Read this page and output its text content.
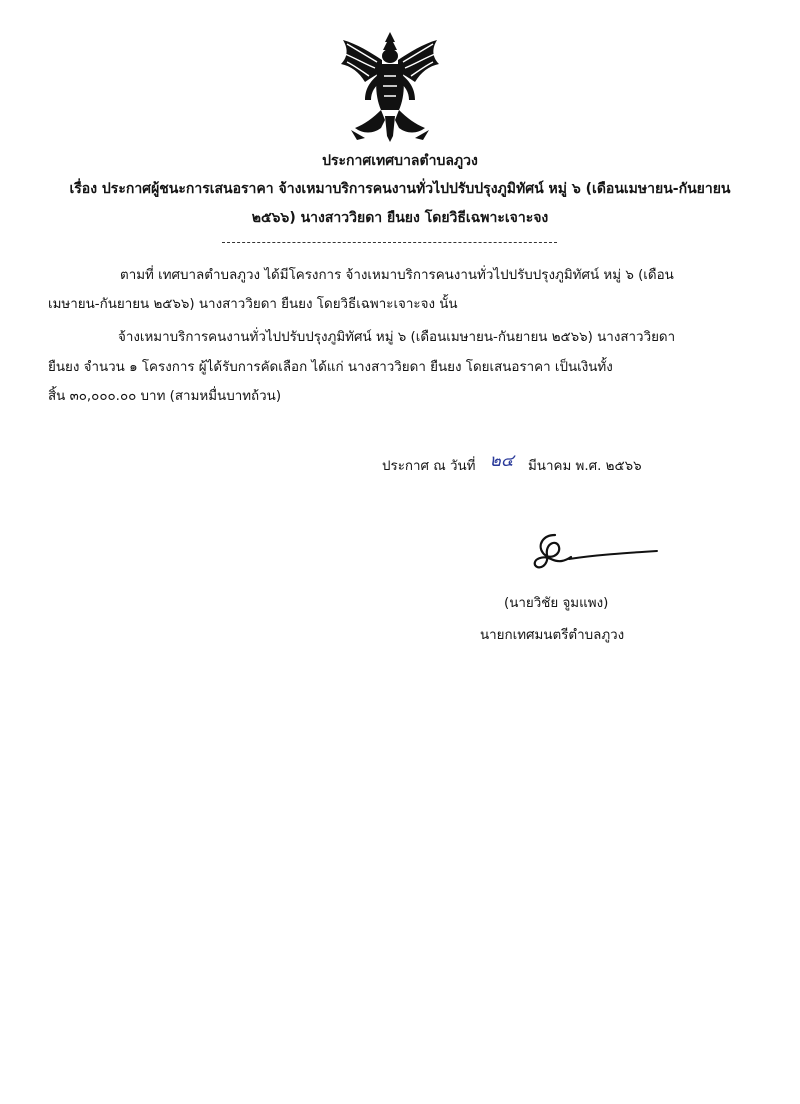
ประกาศเทศบาลตำบลภูวง
เรื่อง ประกาศผู้ชนะการเสนอราคา จ้างเหมาบริการคนงานทั่วไปปรับปรุงภูมิทัศน์ หมู่ ๖ (เดือนเมษายน-กันยายน
๒๕๖๖) นางสาววิยดา ยืนยง โดยวิธีเฉพาะเจาะจง
ตามที่ เทศบาลตำบลภูวง ได้มีโครงการ จ้างเหมาบริการคนงานทั่วไปปรับปรุงภูมิทัศน์ หมู่ ๖ (เดือน
เมษายน-กันยายน ๒๕๖๖) นางสาววิยดา ยืนยง โดยวิธีเฉพาะเจาะจง นั้น
จ้างเหมาบริการคนงานทั่วไปปรับปรุงภูมิทัศน์ หมู่ ๖ (เดือนเมษายน-กันยายน ๒๕๖๖) นางสาววิยดา
ยืนยง จำนวน ๑ โครงการ ผู้ได้รับการคัดเลือก ได้แก่ นางสาววิยดา ยืนยง โดยเสนอราคา เป็นเงินทั้ง
สิ้น ๓๐,๐๐๐.๐๐ บาท (สามหมื่นบาทถ้วน)
ประกาศ ณ วันที่ ๒๔ มีนาคม พ.ศ. ๒๕๖๖
(นายวิชัย จูมแพง)
นายกเทศมนตรีตำบลภูวง
